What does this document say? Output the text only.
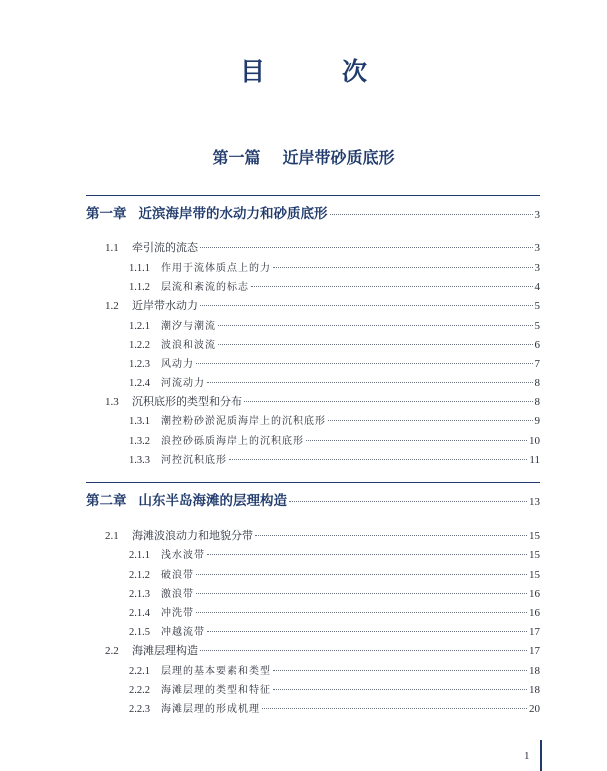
目　次
第一篇 近岸带砂质底形
第一章 近滨海岸带的水动力和砂质底形	3
1.1	牵引流的流态	3
1.1.1	作用于流体质点上的力	3
1.1.2	层流和紊流的标志	4
1.2	近岸带水动力	5
1.2.1	潮汐与潮流	5
1.2.2	波浪和波流	6
1.2.3	风动力	7
1.2.4	河流动力	8
1.3	沉积底形的类型和分布	8
1.3.1	潮控粉砂淤泥质海岸上的沉积底形	9
1.3.2	浪控砂砾质海岸上的沉积底形	10
1.3.3	河控沉积底形	11
第二章 山东半岛海滩的层理构造	13
2.1	海滩波浪动力和地貌分带	15
2.1.1	浅水波带	15
2.1.2	破浪带	15
2.1.3	激浪带	16
2.1.4	冲洗带	16
2.1.5	冲越流带	17
2.2	海滩层理构造	17
2.2.1	层理的基本要素和类型	18
2.2.2	海滩层理的类型和特征	18
2.2.3	海滩层理的形成机理	20
1
